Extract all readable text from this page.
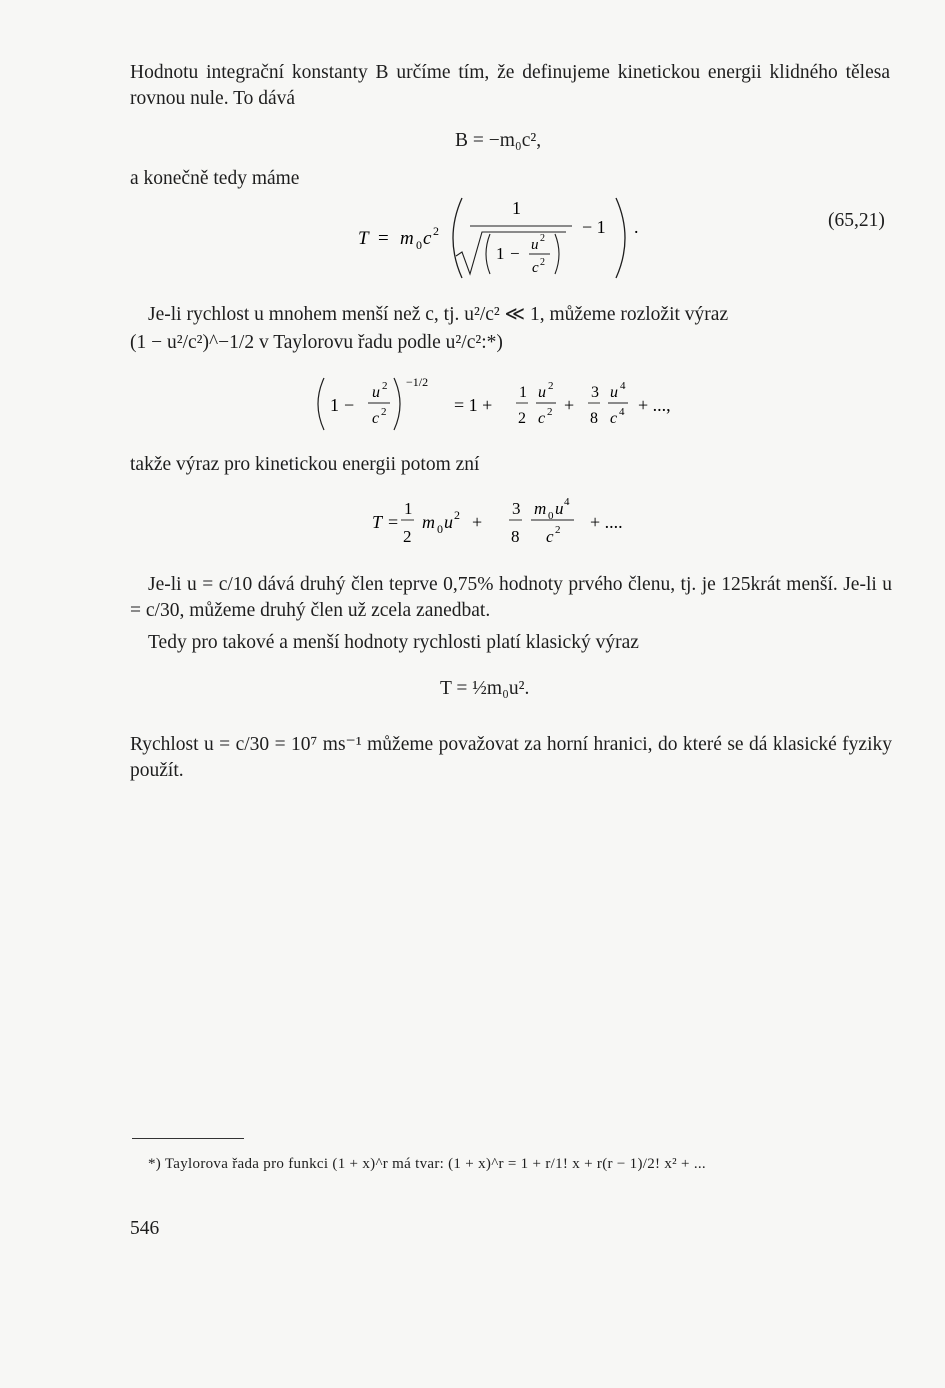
Hodnotu integrační konstanty B určíme tím, že definujeme kinetickou energii klidného tělesa rovnou nule. To dává

B = −m₀c²,

a konečně tedy máme

T = m 0 c 2
1
1 − u 2
c 2
− 1 .	(65,21)

Je-li rychlost u mnohem menší než c, tj. u²/c² ≪ 1, můžeme rozložit výraz

(1 − u²/c²)^−1/2 v Taylorovu řadu podle u²/c²:*)

1 −
u 2
c 2
−1/2
= 1 +
1
2
u 2
c 2 +
3
8
u 4
c 4 + ...,

takže výraz pro kinetickou energii potom zní

T =
1
2
m 0 u 2 +
3
8
m 0 u 4
c 2 + ....

Je-li u = c/10 dává druhý člen teprve 0,75% hodnoty prvého členu, tj. je 125krát menší. Je-li u = c/30, můžeme druhý člen už zcela zanedbat.

Tedy pro takové a menší hodnoty rychlosti platí klasický výraz

T = ½m₀u².

Rychlost u = c/30 = 10⁷ ms⁻¹ můžeme považovat za horní hranici, do které se dá klasické fyziky použít.

*) Taylorova řada pro funkci (1 + x)^r má tvar: (1 + x)^r = 1 + r/1! x + r(r − 1)/2! x² + ...

546
